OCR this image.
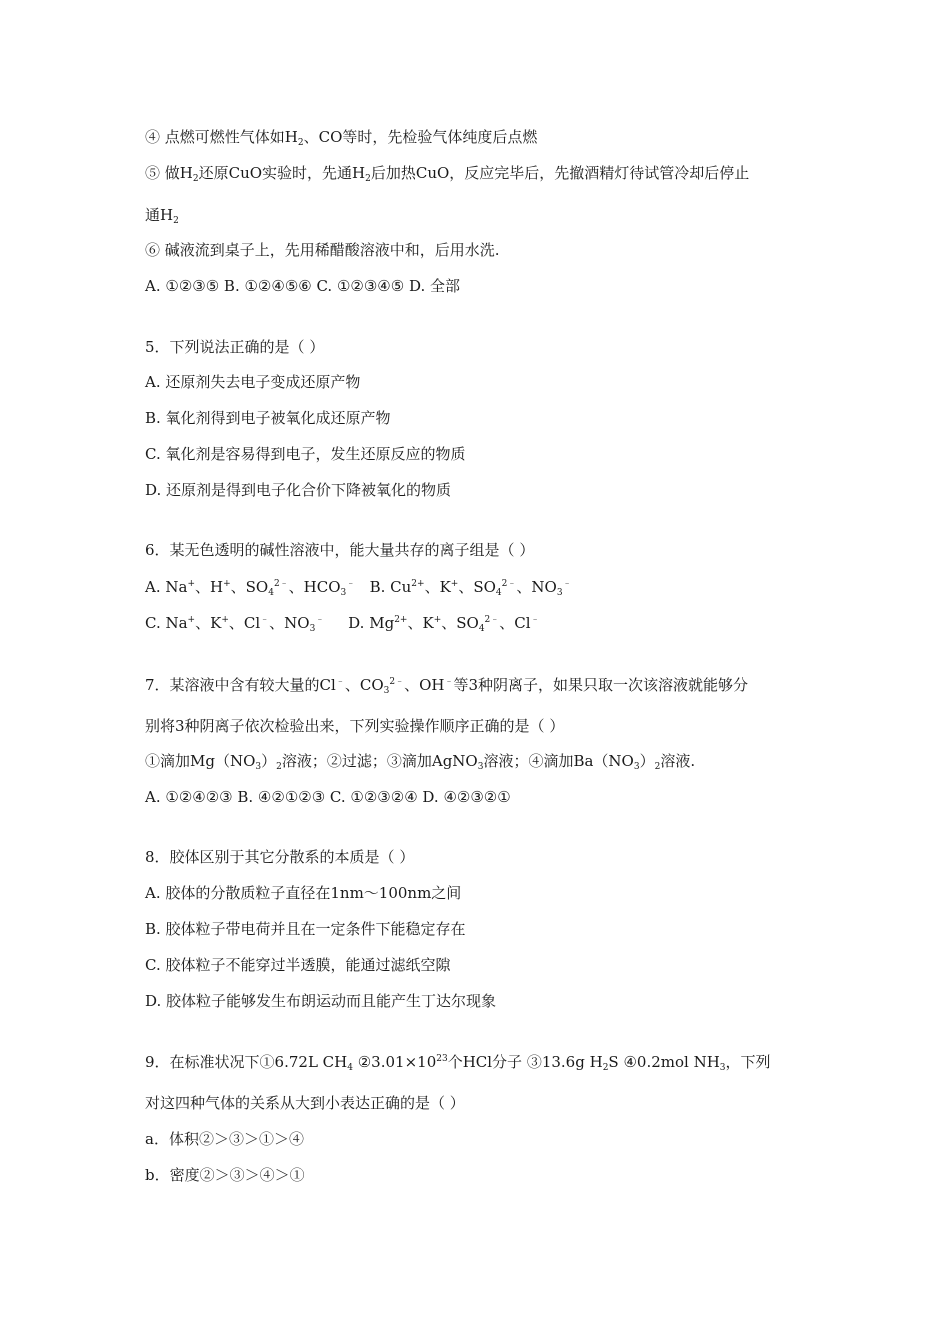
④ 点燃可燃性气体如$H_2$、CO等时，先检验气体纯度后点燃
⑤ 做$H_2$还原CuO实验时，先通$H_2$后加热CuO，反应完毕后，先撤酒精灯待试管冷却后停止
通$H_2$
⑥ 碱液流到桌子上，先用稀醋酸溶液中和，后用水洗.
A. ①②③⑤ B. ①②④⑤⑥ C. ①②③④⑤ D. 全部
5．下列说法正确的是（ ）
A. 还原剂失去电子变成还原产物
B. 氧化剂得到电子被氧化成还原产物
C. 氧化剂是容易得到电子，发生还原反应的物质
D. 还原剂是得到电子化合价下降被氧化的物质
6．某无色透明的碱性溶液中，能大量共存的离子组是（ ）
A. Na+、H+、$SO_4^{2﹣}$、$HCO_3^﹣$   B. $Cu^{2+}$、K+、$SO_4^{2﹣}$、$NO_3^﹣$
C. Na+、K+、Cl﹣、$NO_3^﹣$     D. $Mg^{2+}$、K+、$SO_4^{2﹣}$、Cl﹣
7．某溶液中含有较大量的Cl﹣、$CO_3^{2﹣}$、OH﹣等3种阴离子，如果只取一次该溶液就能够分
别将3种阴离子依次检验出来，下列实验操作顺序正确的是（ ）
①滴加$Mg(NO_3)_2$溶液；②过滤；③滴加AgNO$_3$溶液；④滴加$Ba(NO_3)_2$溶液.
A. ①②④②③ B. ④②①②③ C. ①②③②④ D. ④②③②①
8．胶体区别于其它分散系的本质是（ ）
A. 胶体的分散质粒子直径在1nm～100nm之间
B. 胶体粒子带电荷并且在一定条件下能稳定存在
C. 胶体粒子不能穿过半透膜，能通过滤纸空隙
D. 胶体粒子能够发生布朗运动而且能产生丁达尔现象
9．在标准状况下①6.72L $CH_4$ $②3.01\times 10^{23}$个HCl分子 ③13.6g $H_2S$ ④0.2mol $NH_3$，下列
对这四种气体的关系从大到小表达正确的是（ ）
a．体积②＞③＞①＞④
b．密度②＞③＞④＞①
